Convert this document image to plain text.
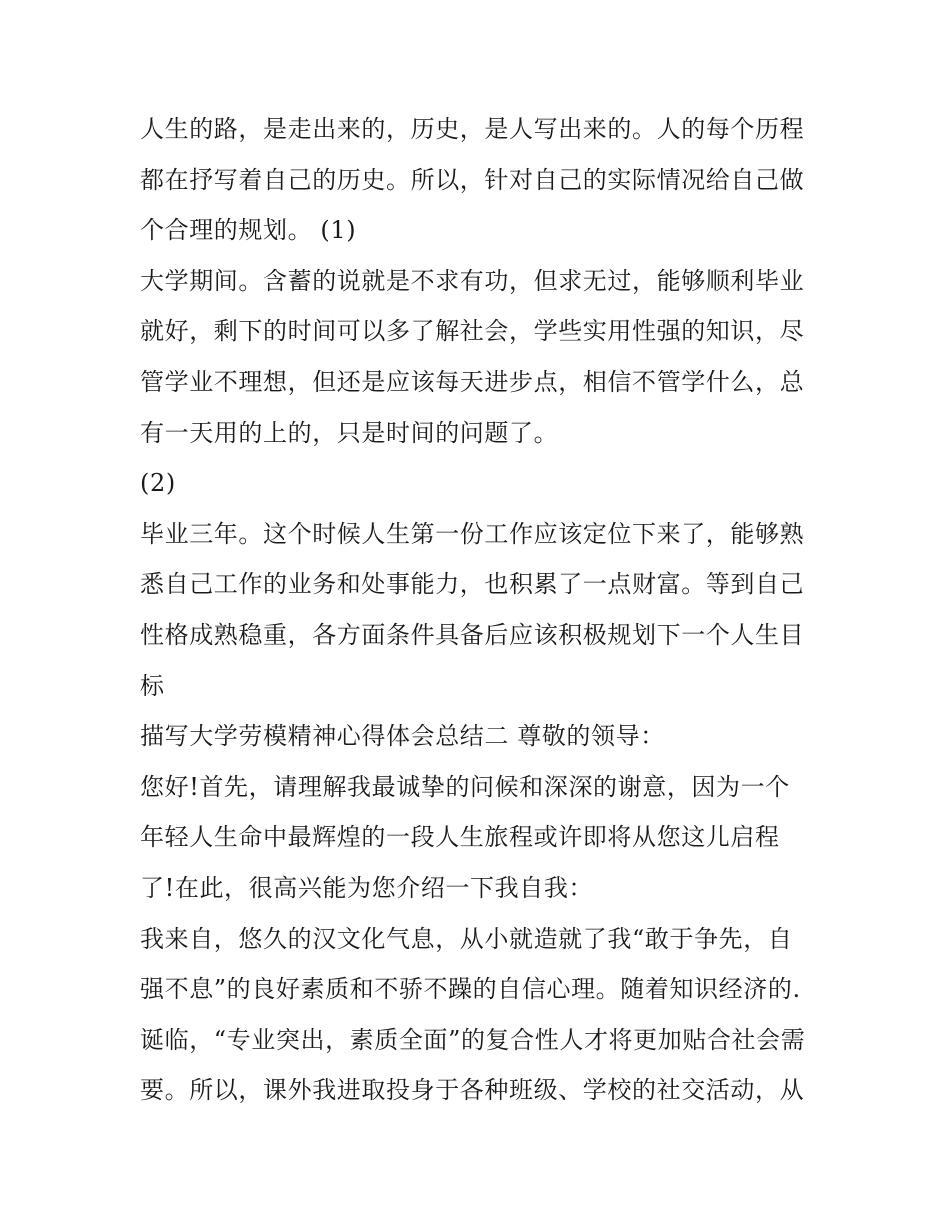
人生的路，是走出来的，历史，是人写出来的。人的每个历程
都在抒写着自己的历史。所以，针对自己的实际情况给自己做
个合理的规划。 (1)
大学期间。含蓄的说就是不求有功，但求无过，能够顺利毕业
就好，剩下的时间可以多了解社会，学些实用性强的知识，尽
管学业不理想，但还是应该每天进步点，相信不管学什么，总
有一天用的上的，只是时间的问题了。
(2)
毕业三年。这个时候人生第一份工作应该定位下来了，能够熟
悉自己工作的业务和处事能力，也积累了一点财富。等到自己
性格成熟稳重，各方面条件具备后应该积极规划下一个人生目
标
描写大学劳模精神心得体会总结二 尊敬的领导：
您好!首先，请理解我最诚挚的问候和深深的谢意，因为一个
年轻人生命中最辉煌的一段人生旅程或许即将从您这儿启程
了!在此，很高兴能为您介绍一下我自我：
我来自，悠久的汉文化气息，从小就造就了我“敢于争先，自
强不息”的良好素质和不骄不躁的自信心理。随着知识经济的.
诞临，“专业突出，素质全面”的复合性人才将更加贴合社会需
要。所以，课外我进取投身于各种班级、学校的社交活动，从
